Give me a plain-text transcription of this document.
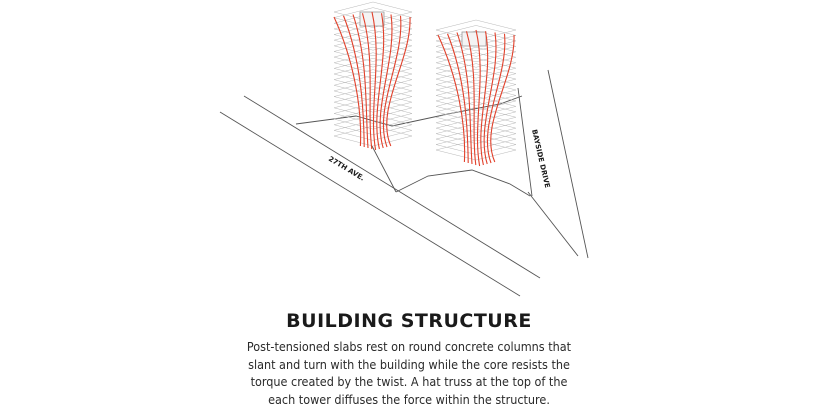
27TH AVE.	BAYSIDE DRIVE
BUILDING STRUCTURE
Post-tensioned slabs rest on round concrete columns that
slant and turn with the building while the core resists the
torque created by the twist. A hat truss at the top of the
each tower diffuses the force within the structure.
